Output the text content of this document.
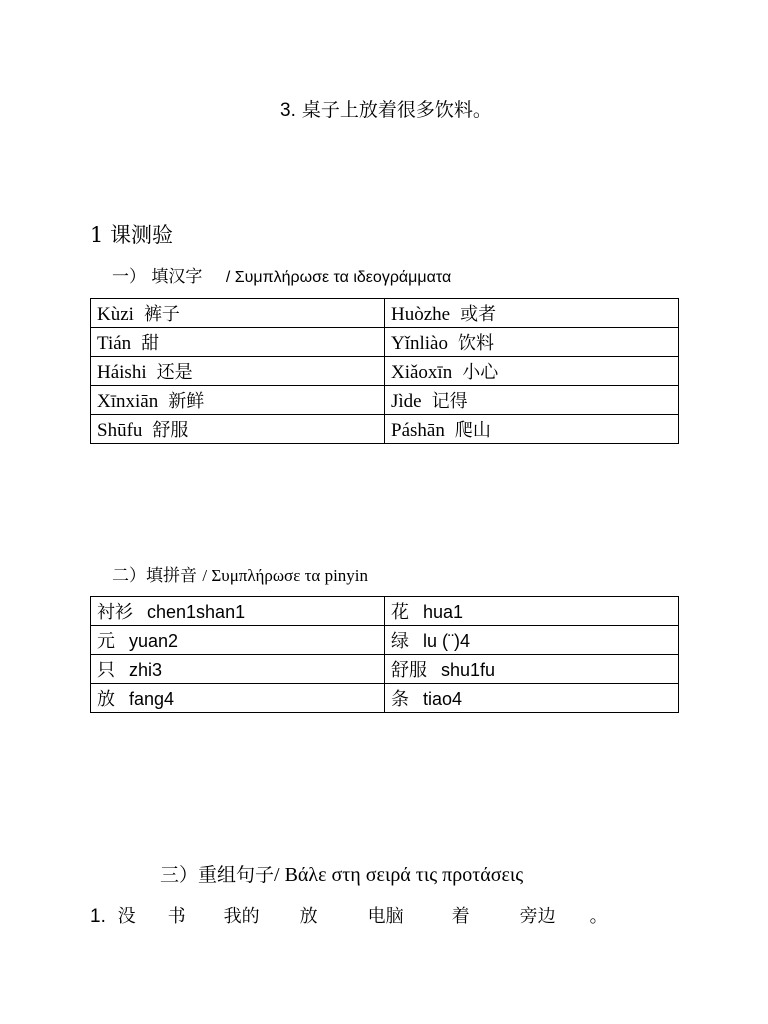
3. 桌子上放着很多饮料。
1 课测验
一） 填汉字 / Συμπλήρωσε τα ιδεογράμματα
Kùzi 裤子	Huòzhe 或者
Tián 甜	Yǐnliào 饮料
Háishi 还是	Xiǎoxīn 小心
Xīnxiān 新鲜	Jìde 记得
Shūfu 舒服	Páshān 爬山
二）填拼音 / Συμπλήρωσε τα pinyin
衬衫 chen1shan1	花 hua1
元 yuan2	绿 lu (¨)4
只 zhi3	舒服 shu1fu
放 fang4	条 tiao4
三）重组句子/ Βάλε στη σειρά τις προτάσεις
1. 没 书 我的 放	电脑	着	旁边 。
